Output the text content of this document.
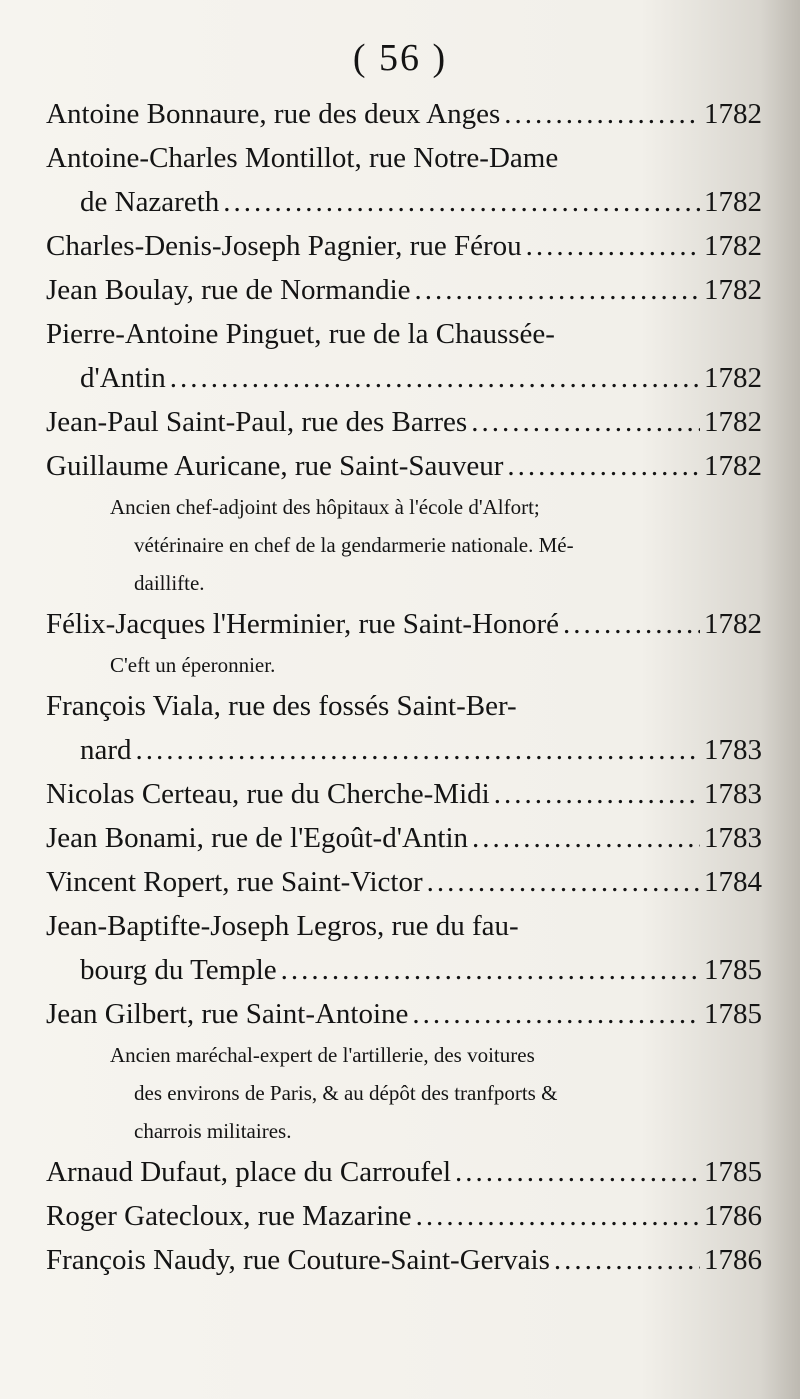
( 56 )
Antoine Bonnaure, rue des deux Anges .....	1782
Antoine-Charles Montillot, rue Notre-Dame
de Nazareth .....	1782
Charles-Denis-Joseph Pagnier, rue Férou .....	1782
Jean Boulay, rue de Normandie .....	1782
Pierre-Antoine Pinguet, rue de la Chaussée-
d'Antin .....	1782
Jean-Paul Saint-Paul, rue des Barres .....	1782
Guillaume Auricane, rue Saint-Sauveur .....	1782
Ancien chef-adjoint des hôpitaux à l'école d'Alfort;
vétérinaire en chef de la gendarmerie nationale. Mé-
daillifte.
Félix-Jacques l'Herminier, rue Saint-Honoré .....	1782
C'eft un éperonnier.
François Viala, rue des fossés Saint-Ber-
nard .....	1783
Nicolas Certeau, rue du Cherche-Midi .....	1783
Jean Bonami, rue de l'Egoût-d'Antin .....	1783
Vincent Ropert, rue Saint-Victor .....	1784
Jean-Baptifte-Joseph Legros, rue du fau-
bourg du Temple .....	1785
Jean Gilbert, rue Saint-Antoine .....	1785
Ancien maréchal-expert de l'artillerie, des voitures
des environs de Paris, & au dépôt des tranfports &
charrois militaires.
Arnaud Dufaut, place du Carroufel .....	1785
Roger Gatecloux, rue Mazarine .....	1786
François Naudy, rue Couture-Saint-Gervais .....	1786
